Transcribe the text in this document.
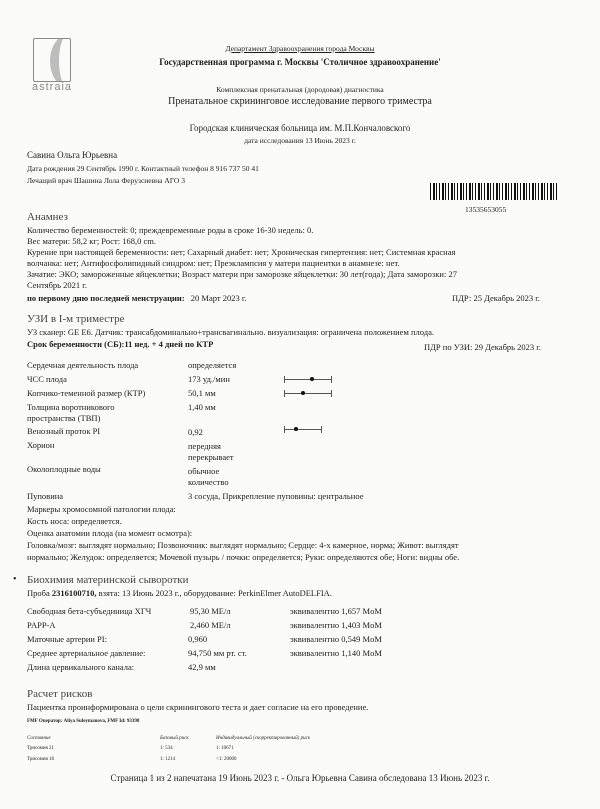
astraia
Департамент Здравоохранения города Москвы
Государственная программа г. Москвы 'Столичное здравоохранение'
Комплексная пренатальная (дородовая) диагностика
Пренатальное скрининговое исследование первого триместра
Городская клиническая больница им. М.П.Кончаловского
дата исследования 13 Июнь 2023 г.
Савина Ольга Юрьевна
Дата рождения 29 Сентябрь 1990 г. Контактный телефон 8 916 737 50 41
Лечащий врач Шашина Лола Ферузсиевна АГО 3
13535653055
Анамнез
Количество беременностей: 0; преждевременные роды в сроке 16-30 недель: 0.
Вес матери: 58,2 кг; Рост: 168,0 cm.
Курение при настоящей беременности: нет; Сахарный диабет: нет; Хроническая гипертензия: нет; Системная красная
волчанка: нет; Антифосфолипидный синдром: нет; Преэклампсия у матери пациентки в анамнезе: нет.
Зачатие: ЭКО; замороженные яйцеклетки; Возраст матери при заморозке яйцеклетки: 30 лет(года); Дата заморозки: 27
Сентябрь 2021 г.
по первому дню последней менструации: 20 Март 2023 г.	ПДР: 25 Декабрь 2023 г.
УЗИ в I-м триместре
УЗ сканер: GE E6. Датчик: трансабдоминально+трансвагинально. визуализация: ограничена положением плода.
Срок беременности (СБ):11 нед. + 4 дней по КТР	ПДР по УЗИ: 29 Декабрь 2023 г.
Сердечная деятельность плода	определяется
ЧСС плода	173 уд./мин
Копчико-теменной размер (КТР)	50,1 мм
Толщина воротникового
пространства (ТВП)
1,40 мм
Венозный проток PI	0,92
Хорион	передняя
перекрывает
Околоплодные воды	обычное
количество
Пуповина	3 сосуда, Прикрепление пуповины: центральное
Маркеры хромосомной патологии плода:
Кость носа: определяется.
Оценка анатомии плода (на момент осмотра):
Головка/мозг: выглядят нормально; Позвоночник: выглядят нормально; Сердце: 4-х камерное, норма; Живот: выглядят
нормально; Желудок: определяется; Мочевой пузырь / почки: определяется; Руки: определяются обе; Ноги: видны обе.
• Биохимия материнской сыворотки
Проба 2316100710, взята: 13 Июнь 2023 г., оборудование: PerkinElmer AutoDELFIA.
Свободная бета-субъединица ХГЧ	95,30 МЕ/л	эквивалентно 1,657 MoM
PAPP-A	2,460 МЕ/л	эквивалентно 1,403 MoM
Маточные артерии PI:	0,960	эквивалентно 0,549 MoM
Среднее артериальное давление:	94,750 мм рт. ст.	эквивалентно 1,140 MoM
Длина цервикального канала:	42,9 мм
Расчет рисков
Пациентка проинформирована о цели скринингового теста и дает согласие на его проведение.
FMF Оператор: Aliya Suleymanova, FMF Id: 93398
Состояние	Базовый риск	Индивидуальный (скорректированный) риск
Трисомия 21	1: 534	1: 10671
Трисомия 18	1: 1214	<1: 20000
Страница 1 из 2 напечатана 19 Июнь 2023 г. - Ольга Юрьевна Савина обследована 13 Июнь 2023 г.
